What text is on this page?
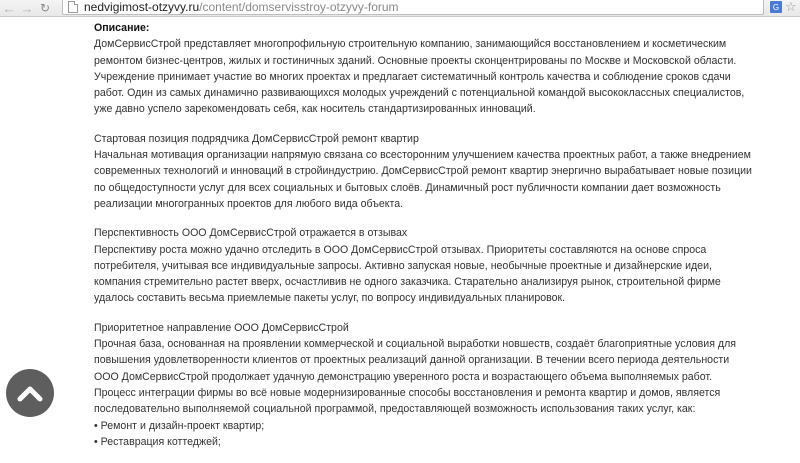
← → ↻	nedvigimost-otzyvy.ru /content/domservisstroy-otzyvy-forum	G ☆
Описание:

ДомСервисСтрой представляет многопрофильную строительную компанию, занимающийся восстановлением и косметическим ремонтом бизнес-центров, жилых и гостиничных зданий. Основные проекты сконцентрированы по Москве и Московской области. Учреждение принимает участие во многих проектах и предлагает систематичный контроль качества и соблюдение сроков сдачи работ. Один из самых динамично развивающихся молодых учреждений с потенциальной командой высококлассных специалистов, уже давно успело зарекомендовать себя, как носитель стандартизированных инноваций.

Стартовая позиция подрядчика ДомСервисСтрой ремонт квартир

Начальная мотивация организации напрямую связана со всесторонним улучшением качества проектных работ, а также внедрением современных технологий и инноваций в стройиндустрию. ДомСервисСтрой ремонт квартир энергично вырабатывает новые позиции по общедоступности услуг для всех социальных и бытовых слоёв. Динамичный рост публичности компании дает возможность реализации многогранных проектов для любого вида объекта.

Перспективность ООО ДомСервисСтрой отражается в отзывах

Перспективу роста можно удачно отследить в ООО ДомСервисСтрой отзывах. Приоритеты составляются на основе спроса потребителя, учитывая все индивидуальные запросы. Активно запуская новые, необычные проектные и дизайнерские идеи, компания стремительно растет вверх, осчастливив не одного заказчика. Старательно анализируя рынок, строительной фирме удалось составить весьма приемлемые пакеты услуг, по вопросу индивидуальных планировок.

Приоритетное направление ООО ДомСервисСтрой

Прочная база, основанная на проявлении коммерческой и социальной выработки новшеств, создаёт благоприятные условия для повышения удовлетворенности клиентов от проектных реализаций данной организации. В течении всего периода деятельности ООО ДомСервисСтрой продолжает удачную демонстрацию уверенного роста и возрастающего объема выполняемых работ. Процесс интеграции фирмы во всё новые модернизированные способы восстановления и ремонта квартир и домов, является последовательно выполняемой социальной программой, предоставляющей возможность использования таких услуг, как:

• Ремонт и дизайн-проект квартир;
• Реставрация коттеджей;
